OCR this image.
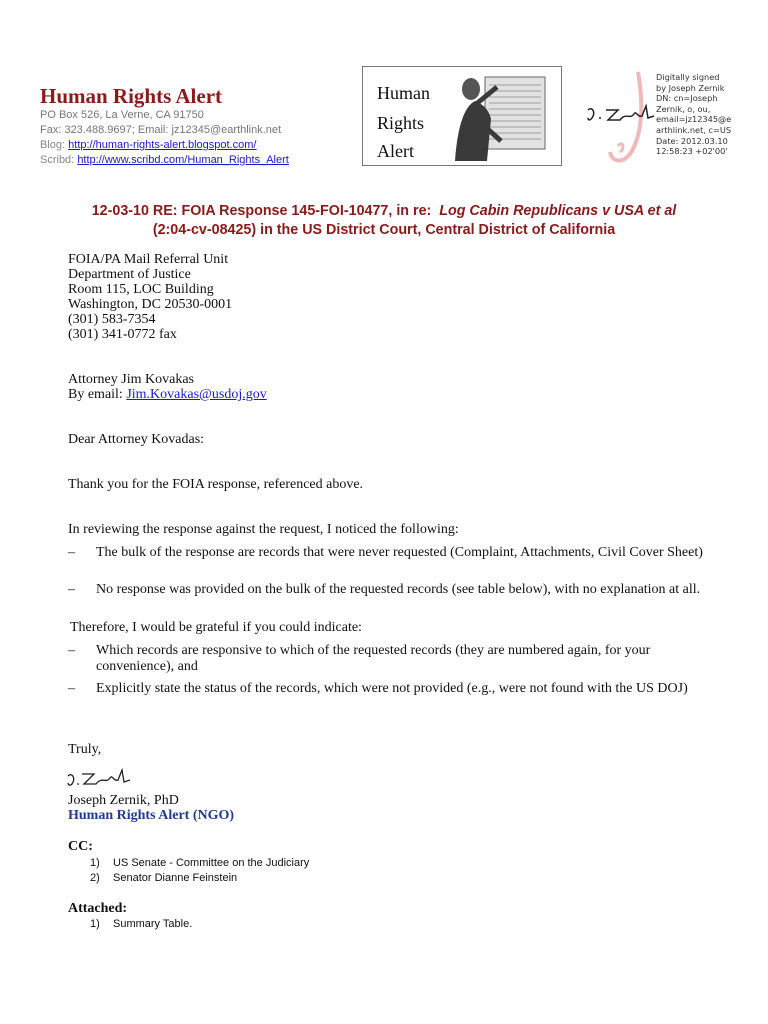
Human Rights Alert
PO Box 526, La Verne, CA 91750
Fax: 323.488.9697; Email: jz12345@earthlink.net
Blog: http://human-rights-alert.blogspot.com/
Scribd: http://www.scribd.com/Human_Rights_Alert
Human
Rights
Alert
Digitally signed
by Joseph Zernik
DN: cn=Joseph
Zernik, o, ou,
email=jz12345@e
arthlink.net, c=US
Date: 2012.03.10
12:58:23 +02'00'
12-03-10 RE: FOIA Response 145-FOI-10477, in re:  Log Cabin Republicans v USA et al
(2:04-cv-08425) in the US District Court, Central District of California
FOIA/PA Mail Referral Unit
Department of Justice
Room 115, LOC Building
Washington, DC 20530-0001
(301) 583-7354
(301) 341-0772 fax
Attorney Jim Kovakas
By email: Jim.Kovakas@usdoj.gov
Dear Attorney Kovadas:
Thank you for the FOIA response, referenced above.
In reviewing the response against the request, I noticed the following:
–	The bulk of the response are records that were never requested (Complaint, Attachments, Civil Cover Sheet)
–	No response was provided on the bulk of the requested records (see table below), with no explanation at all.
Therefore, I would be grateful if you could indicate:
–	Which records are responsive to which of the requested records (they are numbered again, for your convenience), and
–	Explicitly state the status of the records, which were not provided (e.g., were not found with the US DOJ)
Truly,
Joseph Zernik, PhD
Human Rights Alert (NGO)
CC:
1) US Senate - Committee on the Judiciary
2) Senator Dianne Feinstein
Attached:
1) Summary Table.
